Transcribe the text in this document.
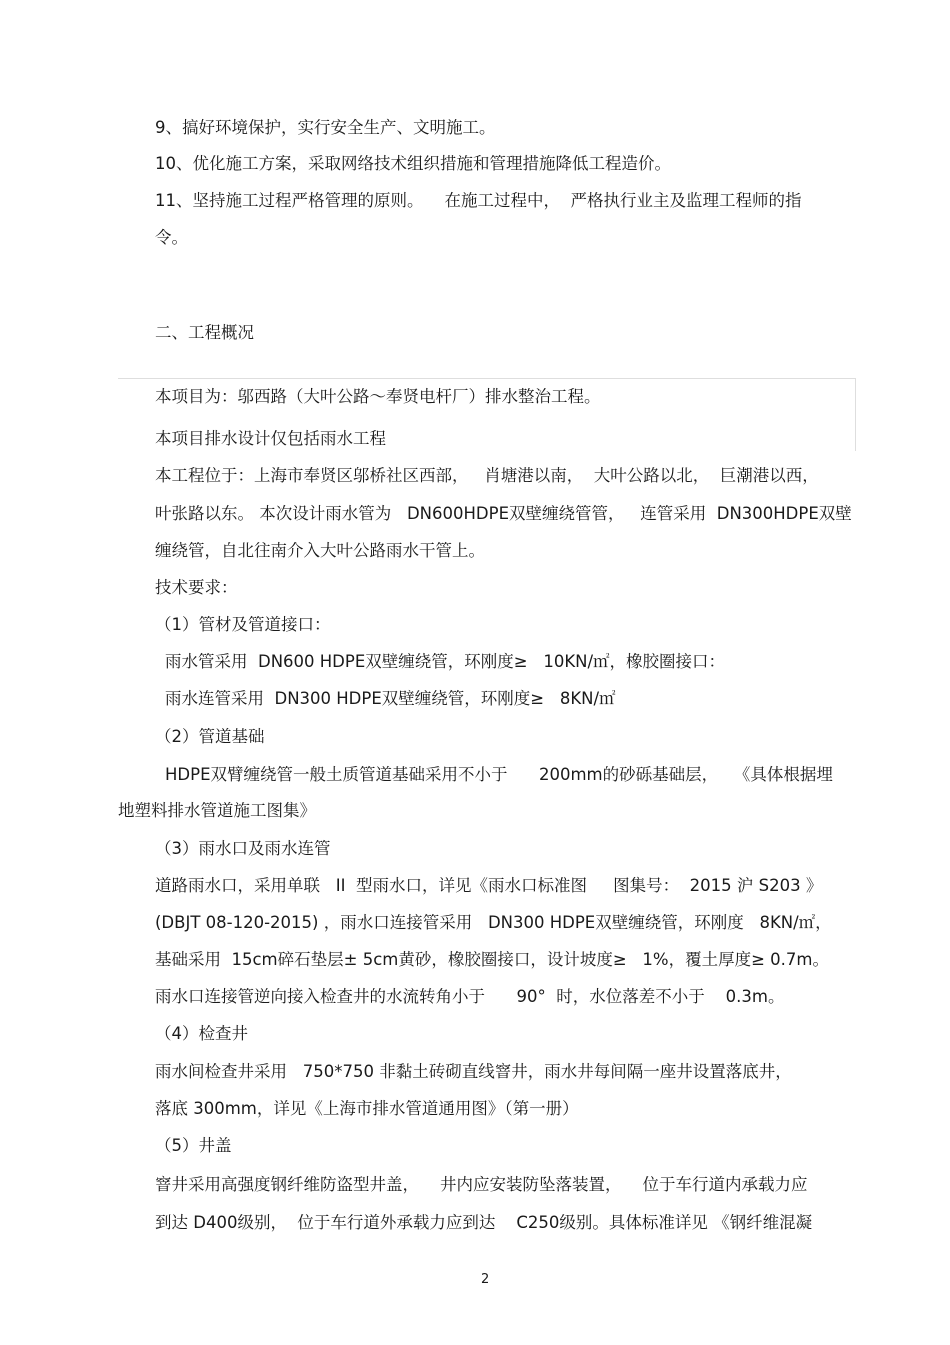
9、搞好环境保护，实行安全生产、文明施工。

10、优化施工方案，采取网络技术组织措施和管理措施降低工程造价。

11、坚持施工过程严格管理的原则。    在施工过程中，  严格执行业主及监理工程师的指

令。

二、工程概况

本项目为：邬西路（大叶公路～奉贤电杆厂）排水整治工程。

本项目排水设计仅包括雨水工程

本工程位于：上海市奉贤区邬桥社区西部，   肖塘港以南，  大叶公路以北，  巨潮港以西，

叶张路以东。 本次设计雨水管为   DN600HDPE双壁缠绕管管，   连管采用  DN300HDPE双壁

缠绕管，自北往南介入大叶公路雨水干管上。

技术要求：

（1）管材及管道接口：

雨水管采用  DN600 HDPE双壁缠绕管，环刚度≥   10KN/㎡，橡胶圈接口：

雨水连管采用  DN300 HDPE双壁缠绕管，环刚度≥   8KN/㎡

（2）管道基础

HDPE双臂缠绕管一般土质管道基础采用不小于      200mm的砂砾基础层，   《具体根据埋

地塑料排水管道施工图集》

（3）雨水口及雨水连管

道路雨水口，采用单联   II  型雨水口，详见《雨水口标准图     图集号：  2015 沪 S203 》

(DBJT 08-120-2015) ，雨水口连接管采用   DN300 HDPE双壁缠绕管，环刚度   8KN/㎡，

基础采用  15cm碎石垫层± 5cm黄砂，橡胶圈接口，设计坡度≥   1%，覆土厚度≥ 0.7m。

雨水口连接管逆向接入检查井的水流转角小于      90°  时，水位落差不小于    0.3m。

（4）检查井

雨水间检查井采用   750*750 非黏土砖砌直线窨井，雨水井每间隔一座井设置落底井，

落底 300mm，详见《上海市排水管道通用图》（第一册）

（5）井盖

窨井采用高强度钢纤维防盗型井盖，    井内应安装防坠落装置，    位于车行道内承载力应

到达 D400级别，  位于车行道外承载力应到达    C250级别。具体标准详见 《钢纤维混凝

2
